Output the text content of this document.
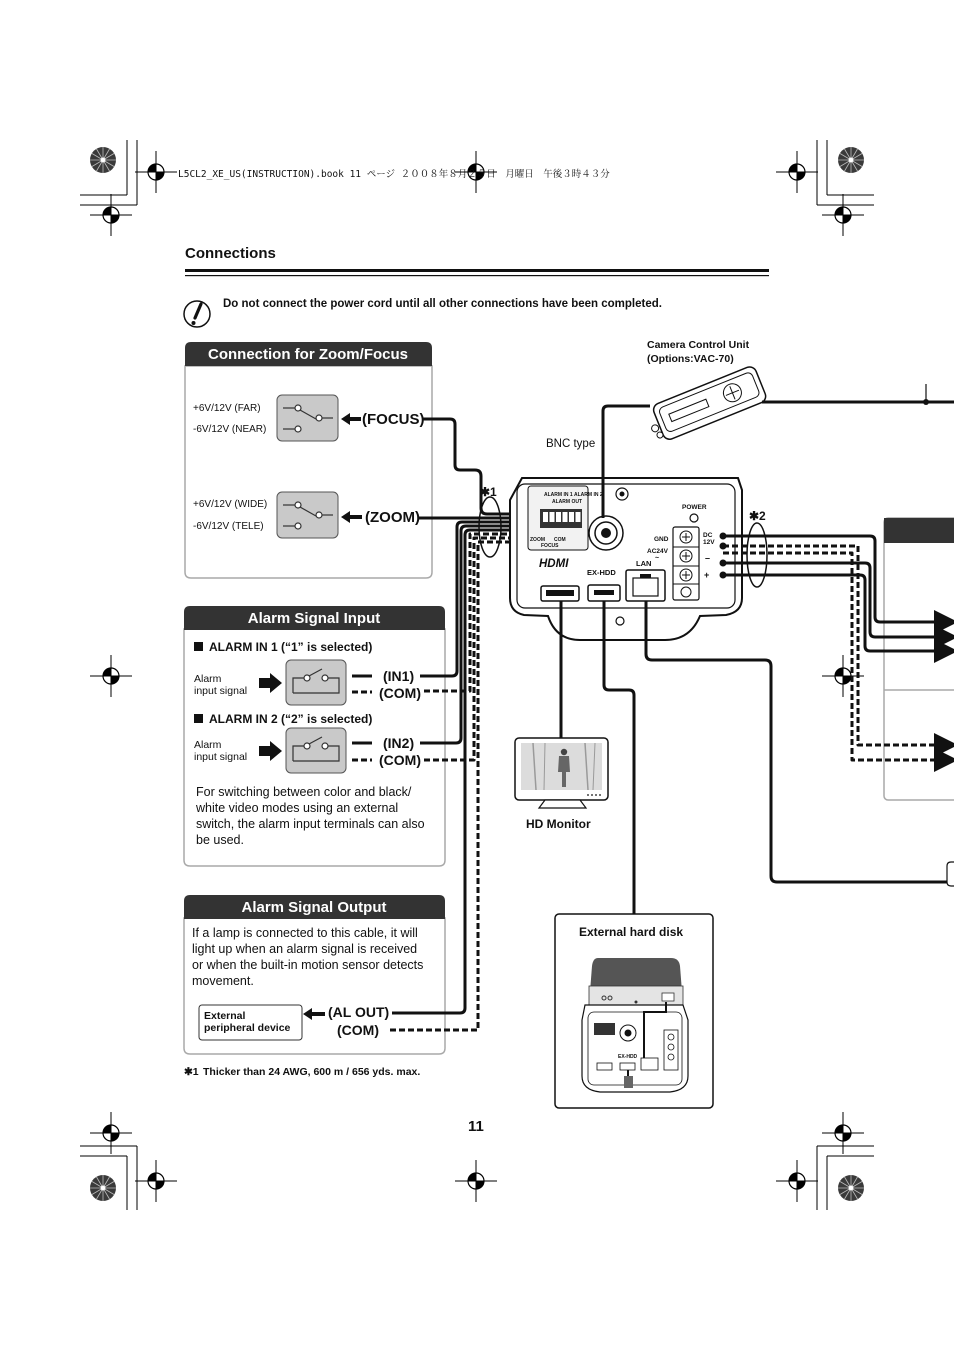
L5CL2_XE_US(INSTRUCTION).book 11 ページ ２００８年８月２５日　月曜日　午後３時４３分
Connections
Do not connect the power cord until all other connections have been completed.
Connection for Zoom/Focus
+6V/12V (FAR)
-6V/12V (NEAR)
(FOCUS)
+6V/12V (WIDE)
-6V/12V (TELE)
(ZOOM)
Alarm Signal Input
ALARM IN 1 (“1” is selected)
Alarm
input signal
(IN1)
(COM)
ALARM IN 2 (“2” is selected)
Alarm
input signal
(IN2)
(COM)
For switching between color and black/
white video modes using an external
switch, the alarm input terminals can also
be used.
Alarm Signal Output
If a lamp is connected to this cable, it will
light up when an alarm signal is received
or when the built-in motion sensor detects
movement.
External
peripheral device
(AL OUT)
(COM)
✱1	ALARM IN 1
ALARM OUT
ALARM IN 2
ZOOM COM
FOCUS
POWER
GND
DC
12V
AC24V
~	–
+
HDMI
EX-HDD
LAN
Camera Control Unit
(Options:VAC-70)
BNC type
✱2
HD Monitor
External hard disk
EX-HDD
✱1 Thicker than 24 AWG, 600 m / 656 yds. max.
11
